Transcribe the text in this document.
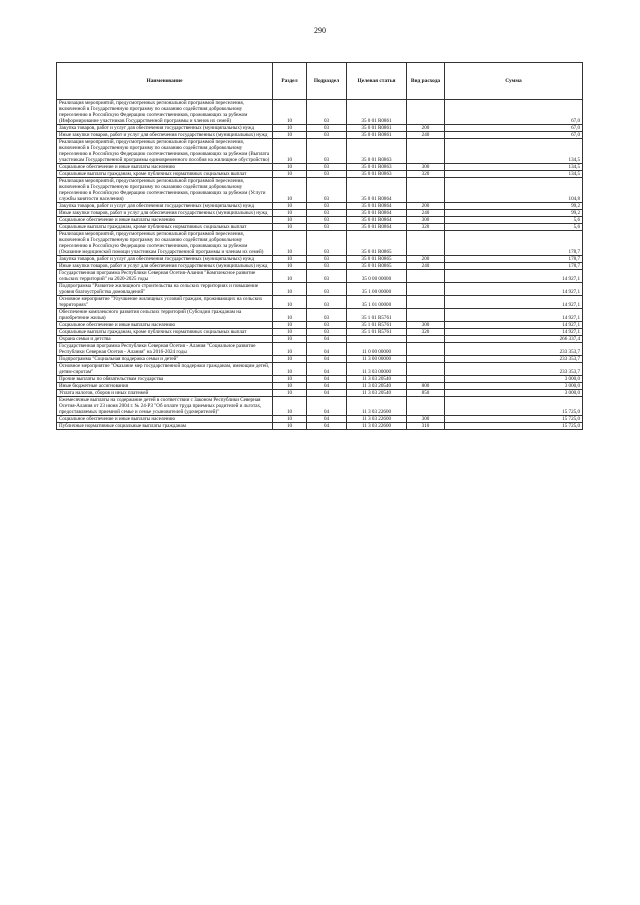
290
Наименование	Раздел	Подраздел	Целевая статья	Вид расхода	Сумма
Реализация мероприятий, предусмотренных региональной программой переселения, включенной в Государственную программу по оказанию содействия добровольному переселению в Российскую Федерацию соотечественников, проживающих за рубежом (Информирование участников Государственной программы и членов их семей)	10	03	35 0 01 R0861		67,0
Закупка товаров, работ и услуг для обеспечения государственных (муниципальных) нужд	10	03	35 0 01 R0861	200	67,0
Иные закупки товаров, работ и услуг для обеспечения государственных (муниципальных) нужд	10	03	35 0 01 R0861	240	67,0
Реализация мероприятий, предусмотренных региональной программой переселения, включенной в Государственную программу по оказанию содействия добровольному переселению в Российскую Федерацию соотечественников, проживающих за рубежом (Выплата участникам Государственной программы единовременного пособия на жилищное обустройство)	10	03	35 0 01 R0863		134,5
Социальное обеспечение и иные выплаты населению	10	03	35 0 01 R0863	300	134,5
Социальные выплаты гражданам, кроме публичных нормативных социальных выплат	10	03	35 0 01 R0863	320	134,5
Реализация мероприятий, предусмотренных региональной программой переселения, включенной в Государственную программу по оказанию содействия добровольному переселению в Российскую Федерацию соотечественников, проживающих за рубежом (Услуги службы занятости населения)	10	03	35 0 01 R0864		104,8
Закупка товаров, работ и услуг для обеспечения государственных (муниципальных) нужд	10	03	35 0 01 R0864	200	99,2
Иные закупки товаров, работ и услуг для обеспечения государственных (муниципальных) нужд	10	03	35 0 01 R0864	240	99,2
Социальное обеспечение и иные выплаты населению	10	03	35 0 01 R0864	300	5,6
Социальные выплаты гражданам, кроме публичных нормативных социальных выплат	10	03	35 0 01 R0864	320	5,6
Реализация мероприятий, предусмотренных региональной программой переселения, включенной в Государственную программу по оказанию содействия добровольному переселению в Российскую Федерацию соотечественников, проживающих за рубежом (Оказание медицинской помощи участникам Государственной программы и членам их семей)	10	03	35 0 01 R0865		178,7
Закупка товаров, работ и услуг для обеспечения государственных (муниципальных) нужд	10	03	35 0 01 R0865	200	178,7
Иные закупки товаров, работ и услуг для обеспечения государственных (муниципальных) нужд	10	03	35 0 01 R0865	240	178,7
Государственная программа Республики Северная Осетия-Алания "Комплексное развитие сельских территорий" на 2020-2025 годы	10	03	35 0 00 00000		14 927,1
Подпрограмма "Развитие жилищного строительства на сельских территориях и повышение уровня благоустройства домовладений"	10	03	35 1 00 00000		14 927,1
Основное мероприятие "Улучшение жилищных условий граждан, проживающих на сельских территориях"	10	03	35 1 01 00000		14 927,1
Обеспечение комплексного развития сельских территорий (Субсидии гражданам на приобретение жилья)	10	03	35 1 01 R5761		14 927,1
Социальное обеспечение и иные выплаты населению	10	03	35 1 01 R5761	300	14 927,1
Социальные выплаты гражданам, кроме публичных нормативных социальных выплат	10	03	35 1 01 R5761	320	14 927,1
Охрана семьи и детства	10	04			266 337,4
Государственная программа Республики Северная Осетия - Алания "Социальное развитие Республики Северная Осетия - Алания" на 2016-2024 годы	10	04	11 0 00 00000		233 353,7
Подпрограмма "Социальная поддержка семьи и детей"	10	04	11 3 00 00000		233 353,7
Основное мероприятие "Оказание мер государственной поддержки гражданам, имеющим детей, детям-сиротам"	10	04	11 3 03 00000		233 353,7
Прочие выплаты по обязательствам государства	10	04	11 3 03 20540		3 000,0
Иные бюджетные ассигнования	10	04	11 3 03 20540	800	3 000,0
Уплата налогов, сборов и иных платежей	10	04	11 3 03 20540	850	3 000,0
Ежемесячные выплаты на содержание детей в соответствии с Законом Республики Северная Осетия-Алания от 23 июня 2004 г. № 24-РЗ "Об оплате труда приемных родителей и льготах, предоставляемых приемной семье и семье усыновителей (удочерителей)"	10	04	11 3 03 22600		15 725,0
Социальное обеспечение и иные выплаты населению	10	04	11 3 03 22600	300	15 725,0
Публичные нормативные социальные выплаты гражданам	10	04	11 3 03 22600	310	15 725,0
